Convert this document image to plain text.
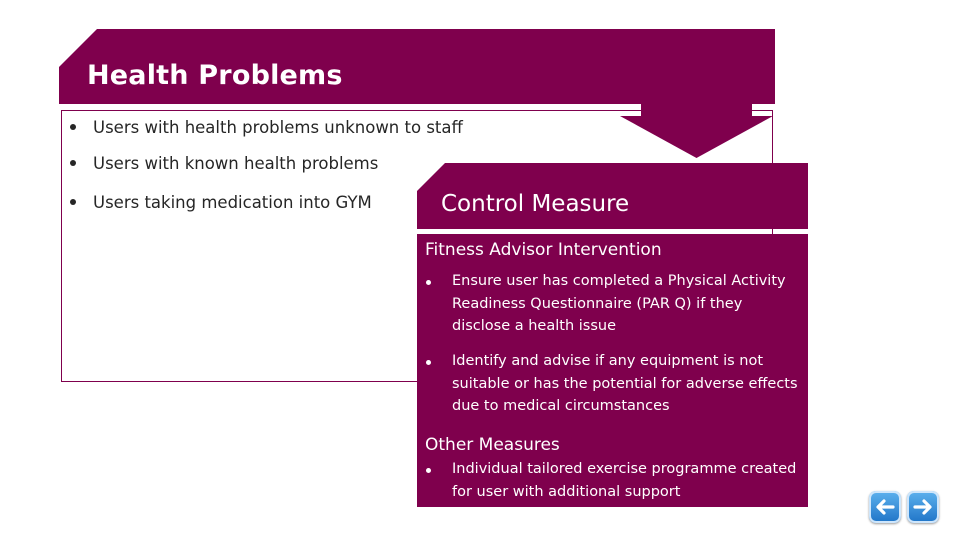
Health Problems
Users with health problems unknown to staff
Users with known health problems
Users taking medication into GYM	Control Measure
Fitness Advisor Intervention
Ensure user has completed a Physical Activity Readiness Questionnaire (PAR Q) if they disclose a health issue
Identify and advise if any equipment is not suitable or has the potential for adverse effects due to medical circumstances
Other Measures
Individual tailored exercise programme created for user with additional support
